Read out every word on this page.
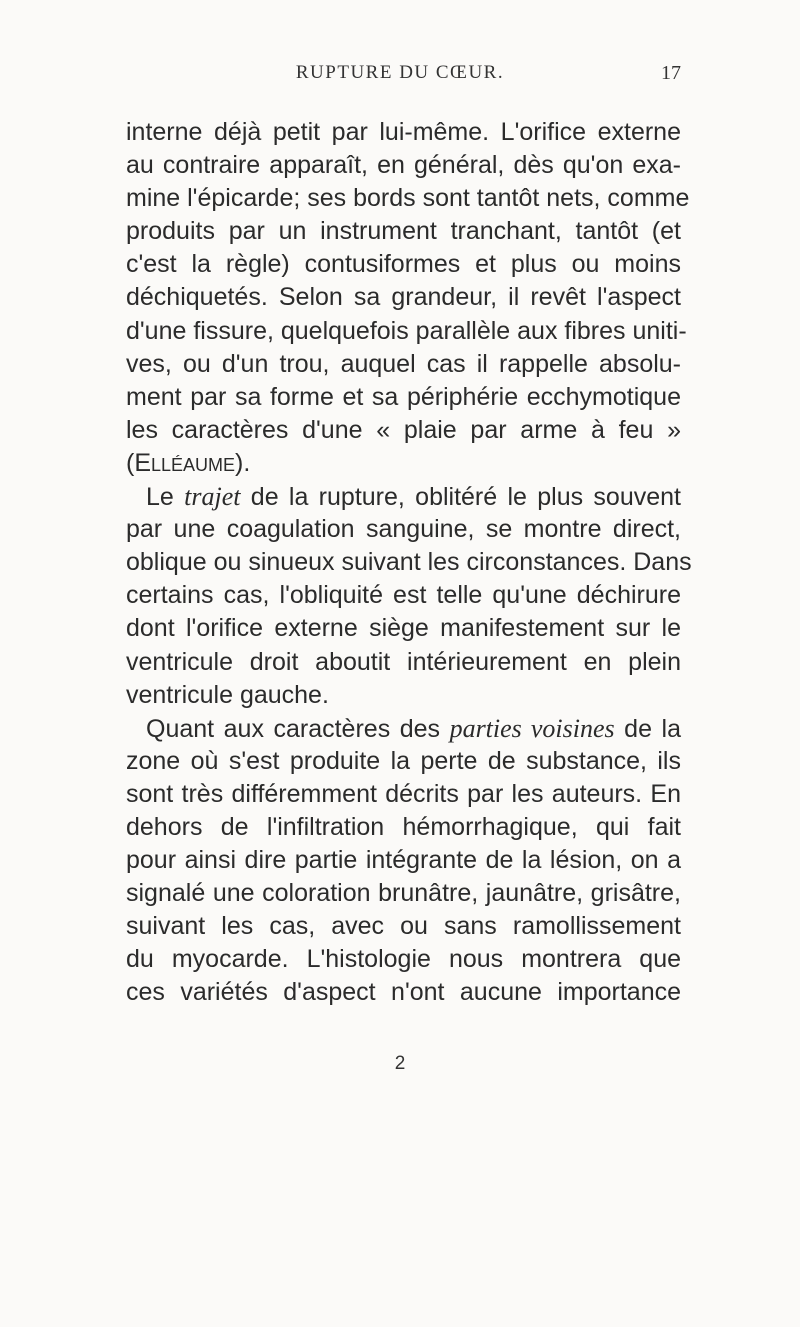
RUPTURE DU CŒUR.	17
interne déjà petit par lui-même. L'orifice externe
au contraire apparaît, en général, dès qu'on exa-
mine l'épicarde; ses bords sont tantôt nets, comme
produits par un instrument tranchant, tantôt (et
c'est la règle) contusiformes et plus ou moins
déchiquetés. Selon sa grandeur, il revêt l'aspect
d'une fissure, quelquefois parallèle aux fibres uniti-
ves, ou d'un trou, auquel cas il rappelle absolu-
ment par sa forme et sa périphérie ecchymotique
les caractères d'une « plaie par arme à feu »
(Elléaume).
Le trajet de la rupture, oblitéré le plus souvent
par une coagulation sanguine, se montre direct,
oblique ou sinueux suivant les circonstances. Dans
certains cas, l'obliquité est telle qu'une déchirure
dont l'orifice externe siège manifestement sur le
ventricule droit aboutit intérieurement en plein
ventricule gauche.
Quant aux caractères des parties voisines de la
zone où s'est produite la perte de substance, ils
sont très différemment décrits par les auteurs. En
dehors de l'infiltration hémorrhagique, qui fait
pour ainsi dire partie intégrante de la lésion, on a
signalé une coloration brunâtre, jaunâtre, grisâtre,
suivant les cas, avec ou sans ramollissement
du myocarde. L'histologie nous montrera que
ces variétés d'aspect n'ont aucune importance
2
